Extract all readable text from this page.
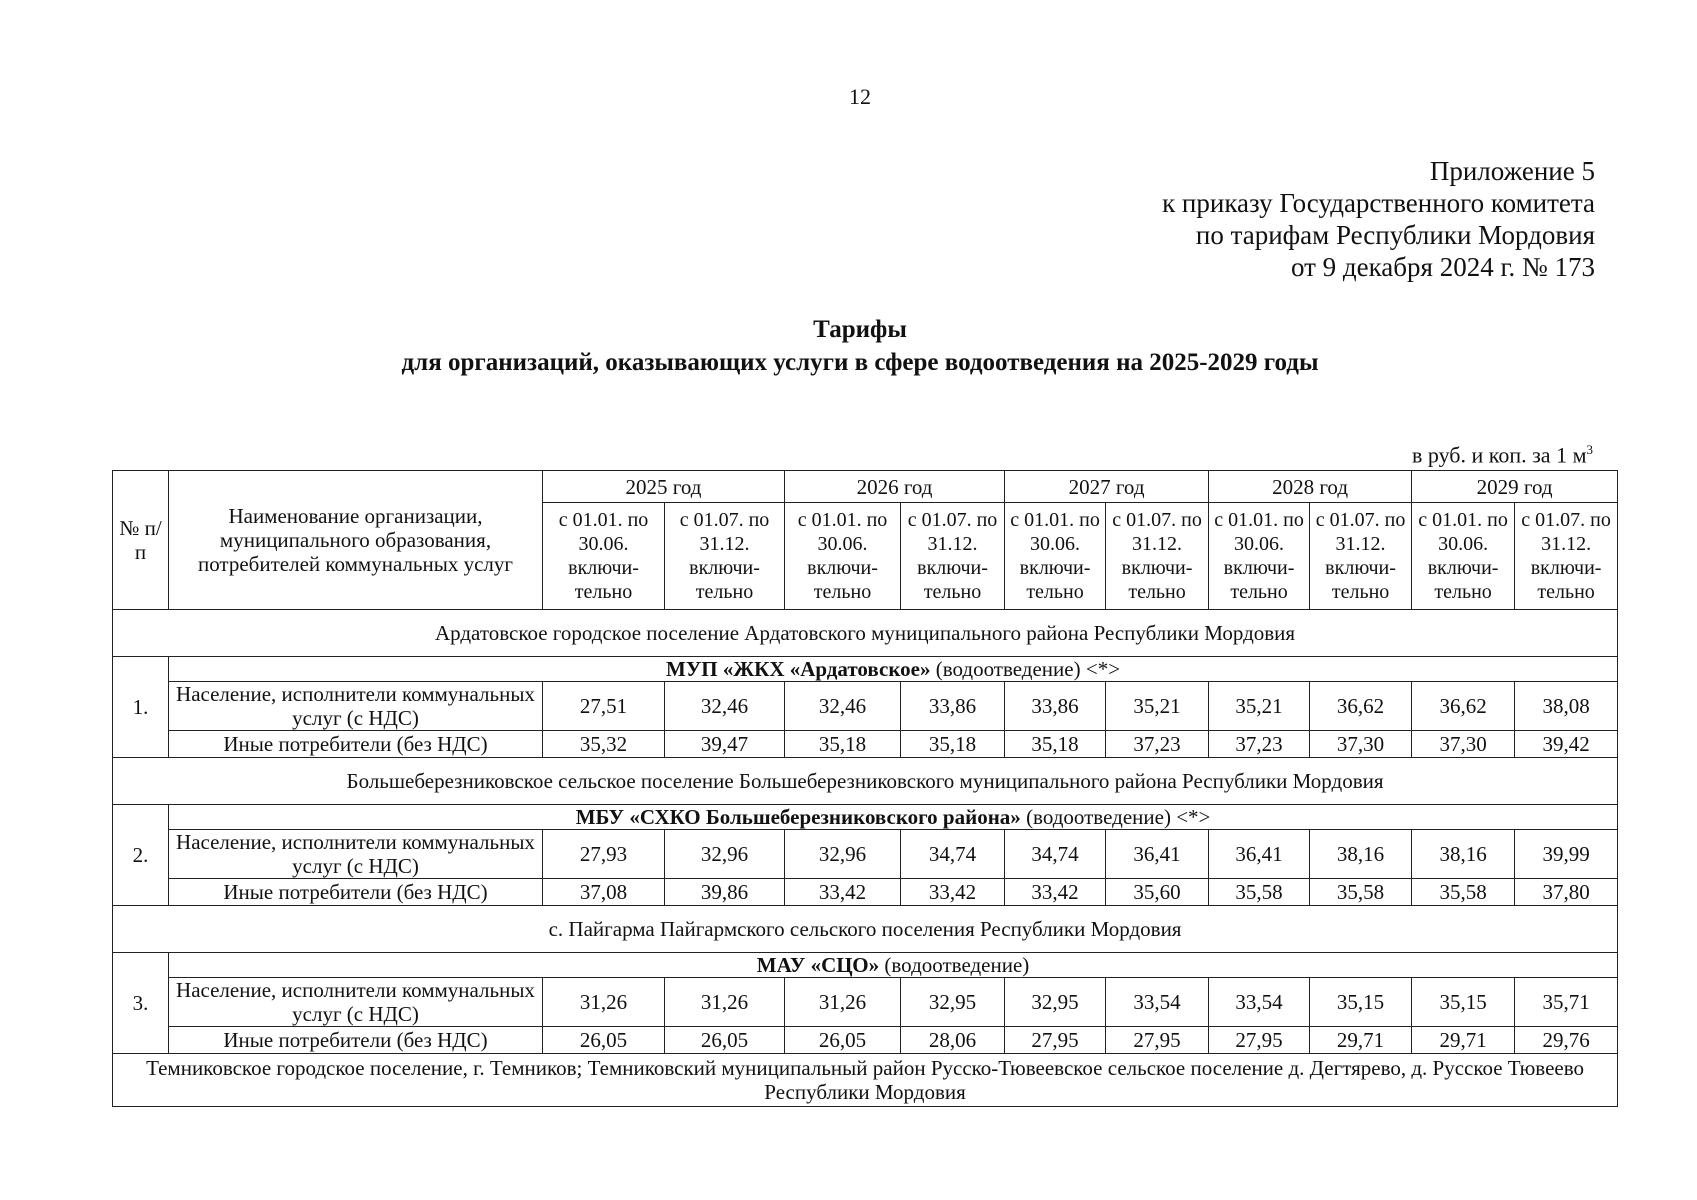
12
Приложение 5
к приказу Государственного комитета
по тарифам Республики Мордовия
от 9 декабря 2024 г. № 173
Тарифы
для организаций, оказывающих услуги в сфере водоотведения на 2025-2029 годы
в руб. и коп. за 1 $м^3$
№ п/п	Наименование организации, муниципального образования, потребителей коммунальных услуг	2025 год		2026 год		2027 год		2028 год		2029 год	
		с 01.01. по 30.06. включи- тельно	с 01.07. по 31.12. включи- тельно	с 01.01. по 30.06. включи- тельно	с 01.07. по 31.12. включи- тельно	с 01.01. по 30.06. включи- тельно	с 01.07. по 31.12. включи- тельно	с 01.01. по 30.06. включи- тельно	с 01.07. по 31.12. включи- тельно	с 01.01. по 30.06. включи- тельно	с 01.07. по 31.12. включи- тельно
Ардатовское городское поселение Ардатовского муниципального района Республики Мордовия											
1.	МУП «ЖКХ «Ардатовское» (водоотведение) <*>										
	Население, исполнители коммунальных услуг (с НДС)	27,51	32,46	32,46	33,86	33,86	35,21	35,21	36,62	36,62	38,08
	Иные потребители (без НДС)	35,32	39,47	35,18	35,18	35,18	37,23	37,23	37,30	37,30	39,42
Большеберезниковское сельское поселение Большеберезниковского муниципального района Республики Мордовия											
2.	МБУ «СХКО Большеберезниковского района» (водоотведение) <*>										
	Население, исполнители коммунальных услуг (с НДС)	27,93	32,96	32,96	34,74	34,74	36,41	36,41	38,16	38,16	39,99
	Иные потребители (без НДС)	37,08	39,86	33,42	33,42	33,42	35,60	35,58	35,58	35,58	37,80
с. Пайгарма Пайгармского сельского поселения Республики Мордовия											
3.	МАУ «СЦО» (водоотведение)										
	Население, исполнители коммунальных услуг (с НДС)	31,26	31,26	31,26	32,95	32,95	33,54	33,54	35,15	35,15	35,71
	Иные потребители (без НДС)	26,05	26,05	26,05	28,06	27,95	27,95	27,95	29,71	29,71	29,76
Темниковское городское поселение, г. Темников; Темниковский муниципальный район Русско-Тювеевское сельское поселение д. Дегтярево, д. Русское Тювеево Республики Мордовия											
